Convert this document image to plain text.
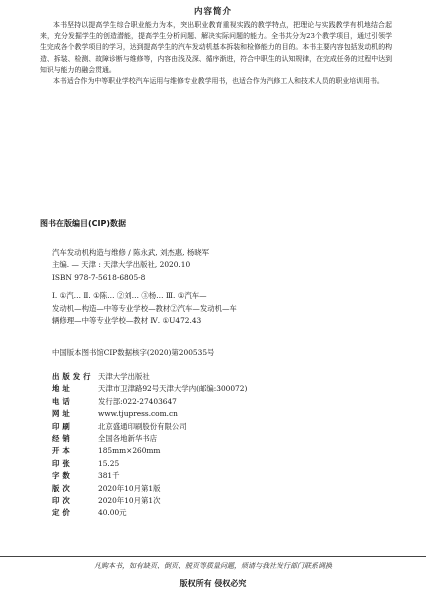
内容简介

本书坚持以提高学生综合职业能力为本，突出职业教育重视实践的教学特点，把理论与实践教学有机地结合起来，充分发掘学生的创造潜能，提高学生分析问题、解决实际问题的能力。全书共分为23个教学项目，通过引领学生完成各个教学项目的学习，达到提高学生的汽车发动机基本拆装和检修能力的目的。本书主要内容包括发动机的构造、拆装、检测、故障诊断与维修等，内容由浅及深、循序渐进，符合中职生的认知规律，在完成任务的过程中达到知识与能力的融会贯通。

本书适合作为中等职业学校汽车运用与维修专业教学用书，也适合作为汽修工人和技术人员的职业培训用书。

图书在版编目(CIP)数据
汽车发动机构造与维修 / 陈永武, 刘杰惠, 杨晓军
主编. — 天津 : 天津大学出版社, 2020.10
ISBN 978-7-5618-6805-8
Ⅰ. ①汽… Ⅱ. ①陈… ②刘… ③杨… Ⅲ. ①汽车—
发动机—构造—中等专业学校—教材②汽车—发动机—车
辆修理—中等专业学校—教材 Ⅳ. ①U472.43
中国版本图书馆CIP数据核字(2020)第200535号
出版发行 天津大学出版社
地址	天津市卫津路92号天津大学内(邮编:300072)
电话	发行部:022-27403647
网址	www.tjupress.com.cn
印刷	北京盛通印刷股份有限公司
经销	全国各地新华书店
开本	185mm×260mm
印张	15.25
字数	381千
版次	2020年10月第1版
印次	2020年10月第1次
定价	40.00元
凡购本书，如有缺页、倒页、脱页等质量问题，烦请与我社发行部门联系调换
版权所有 侵权必究
